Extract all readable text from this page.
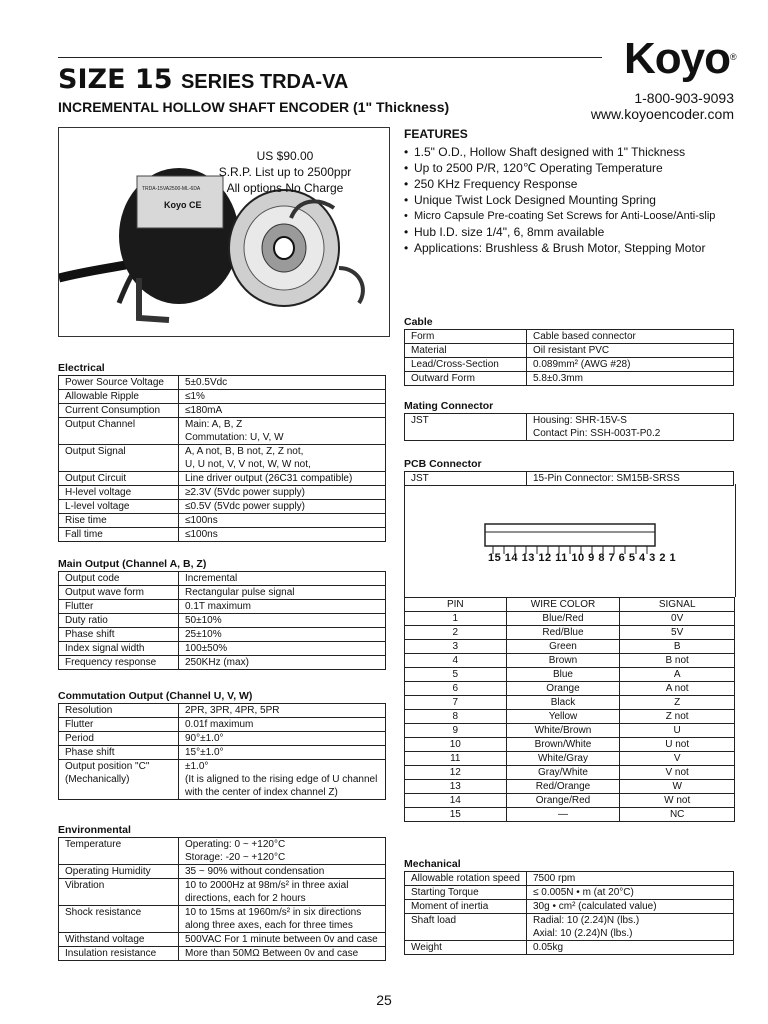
Koyo®
SIZE 15 SERIES TRDA-VA
INCREMENTAL HOLLOW SHAFT ENCODER (1" Thickness)
1-800-903-9093
www.koyoencoder.com
TRDA-15VA2500-ML-6DA
Koyo CE
US $90.00
S.R.P. List up to 2500ppr
All options No Charge
FEATURES
• 1.5" O.D., Hollow Shaft designed with 1" Thickness
• Up to 2500 P/R, 120℃ Operating Temperature
• 250 KHz Frequency Response
• Unique Twist Lock Designed Mounting Spring
• Micro Capsule Pre-coating Set Screws for Anti-Loose/Anti-slip
• Hub I.D. size 1/4", 6, 8mm available
• Applications: Brushless & Brush Motor, Stepping Motor
Electrical
Power Source Voltage	5±0.5Vdc
Allowable Ripple	≤1%
Current Consumption	≤180mA
Output Channel	Main: A, B, Z
Commutation: U, V, W
Output Signal	A, A not, B, B not, Z, Z not,
U, U not, V, V not, W, W not,
Output Circuit	Line driver output (26C31 compatible)
H-level voltage	≥2.3V (5Vdc power supply)
L-level voltage	≤0.5V (5Vdc power supply)
Rise time	≤100ns
Fall time	≤100ns
Main Output (Channel A, B, Z)
Output code	Incremental
Output wave form	Rectangular pulse signal
Flutter	0.1T maximum
Duty ratio	50±10%
Phase shift	25±10%
Index signal width	100±50%
Frequency response	250KHz (max)
Commutation Output (Channel U, V, W)
Resolution	2PR, 3PR, 4PR, 5PR
Flutter	0.01f maximum
Period	90°±1.0°
Phase shift	15°±1.0°
Output position "C"
(Mechanically)	±1.0°
(It is aligned to the rising edge of U channel
with the center of index channel Z)
Environmental
Temperature	Operating: 0 ~ +120°C
Storage: -20 ~ +120°C
Operating Humidity	35 ~ 90% without condensation
Vibration	10 to 2000Hz at 98m/s² in three axial
directions, each for 2 hours
Shock resistance	10 to 15ms at 1960m/s² in six directions
along three axes, each for three times
Withstand voltage	500VAC For 1 minute between 0v and case
Insulation resistance	More than 50MΩ Between 0v and case
Cable
Form	Cable based connector
Material	Oil resistant PVC
Lead/Cross-Section	0.089mm² (AWG #28)
Outward Form	5.8±0.3mm
Mating Connector
JST	Housing: SHR-15V-S
Contact Pin: SSH-003T-P0.2
PCB Connector
JST	15-Pin Connector: SM15B-SRSS
15 14 13 12 11 10 9 8 7 6 5 4 3 2 1
PIN	WIRE COLOR	SIGNAL
1	Blue/Red	0V
2	Red/Blue	5V
3	Green	B
4	Brown	B not
5	Blue	A
6	Orange	A not
7	Black	Z
8	Yellow	Z not
9	White/Brown	U
10	Brown/White	U not
11	White/Gray	V
12	Gray/White	V not
13	Red/Orange	W
14	Orange/Red	W not
15	—	NC
Mechanical
Allowable rotation speed	7500 rpm
Starting Torque	≤ 0.005N • m (at 20°C)
Moment of inertia	30g • cm² (calculated value)
Shaft load	Radial: 10 (2.24)N (lbs.)
Axial: 10 (2.24)N (lbs.)
Weight	0.05kg
25
